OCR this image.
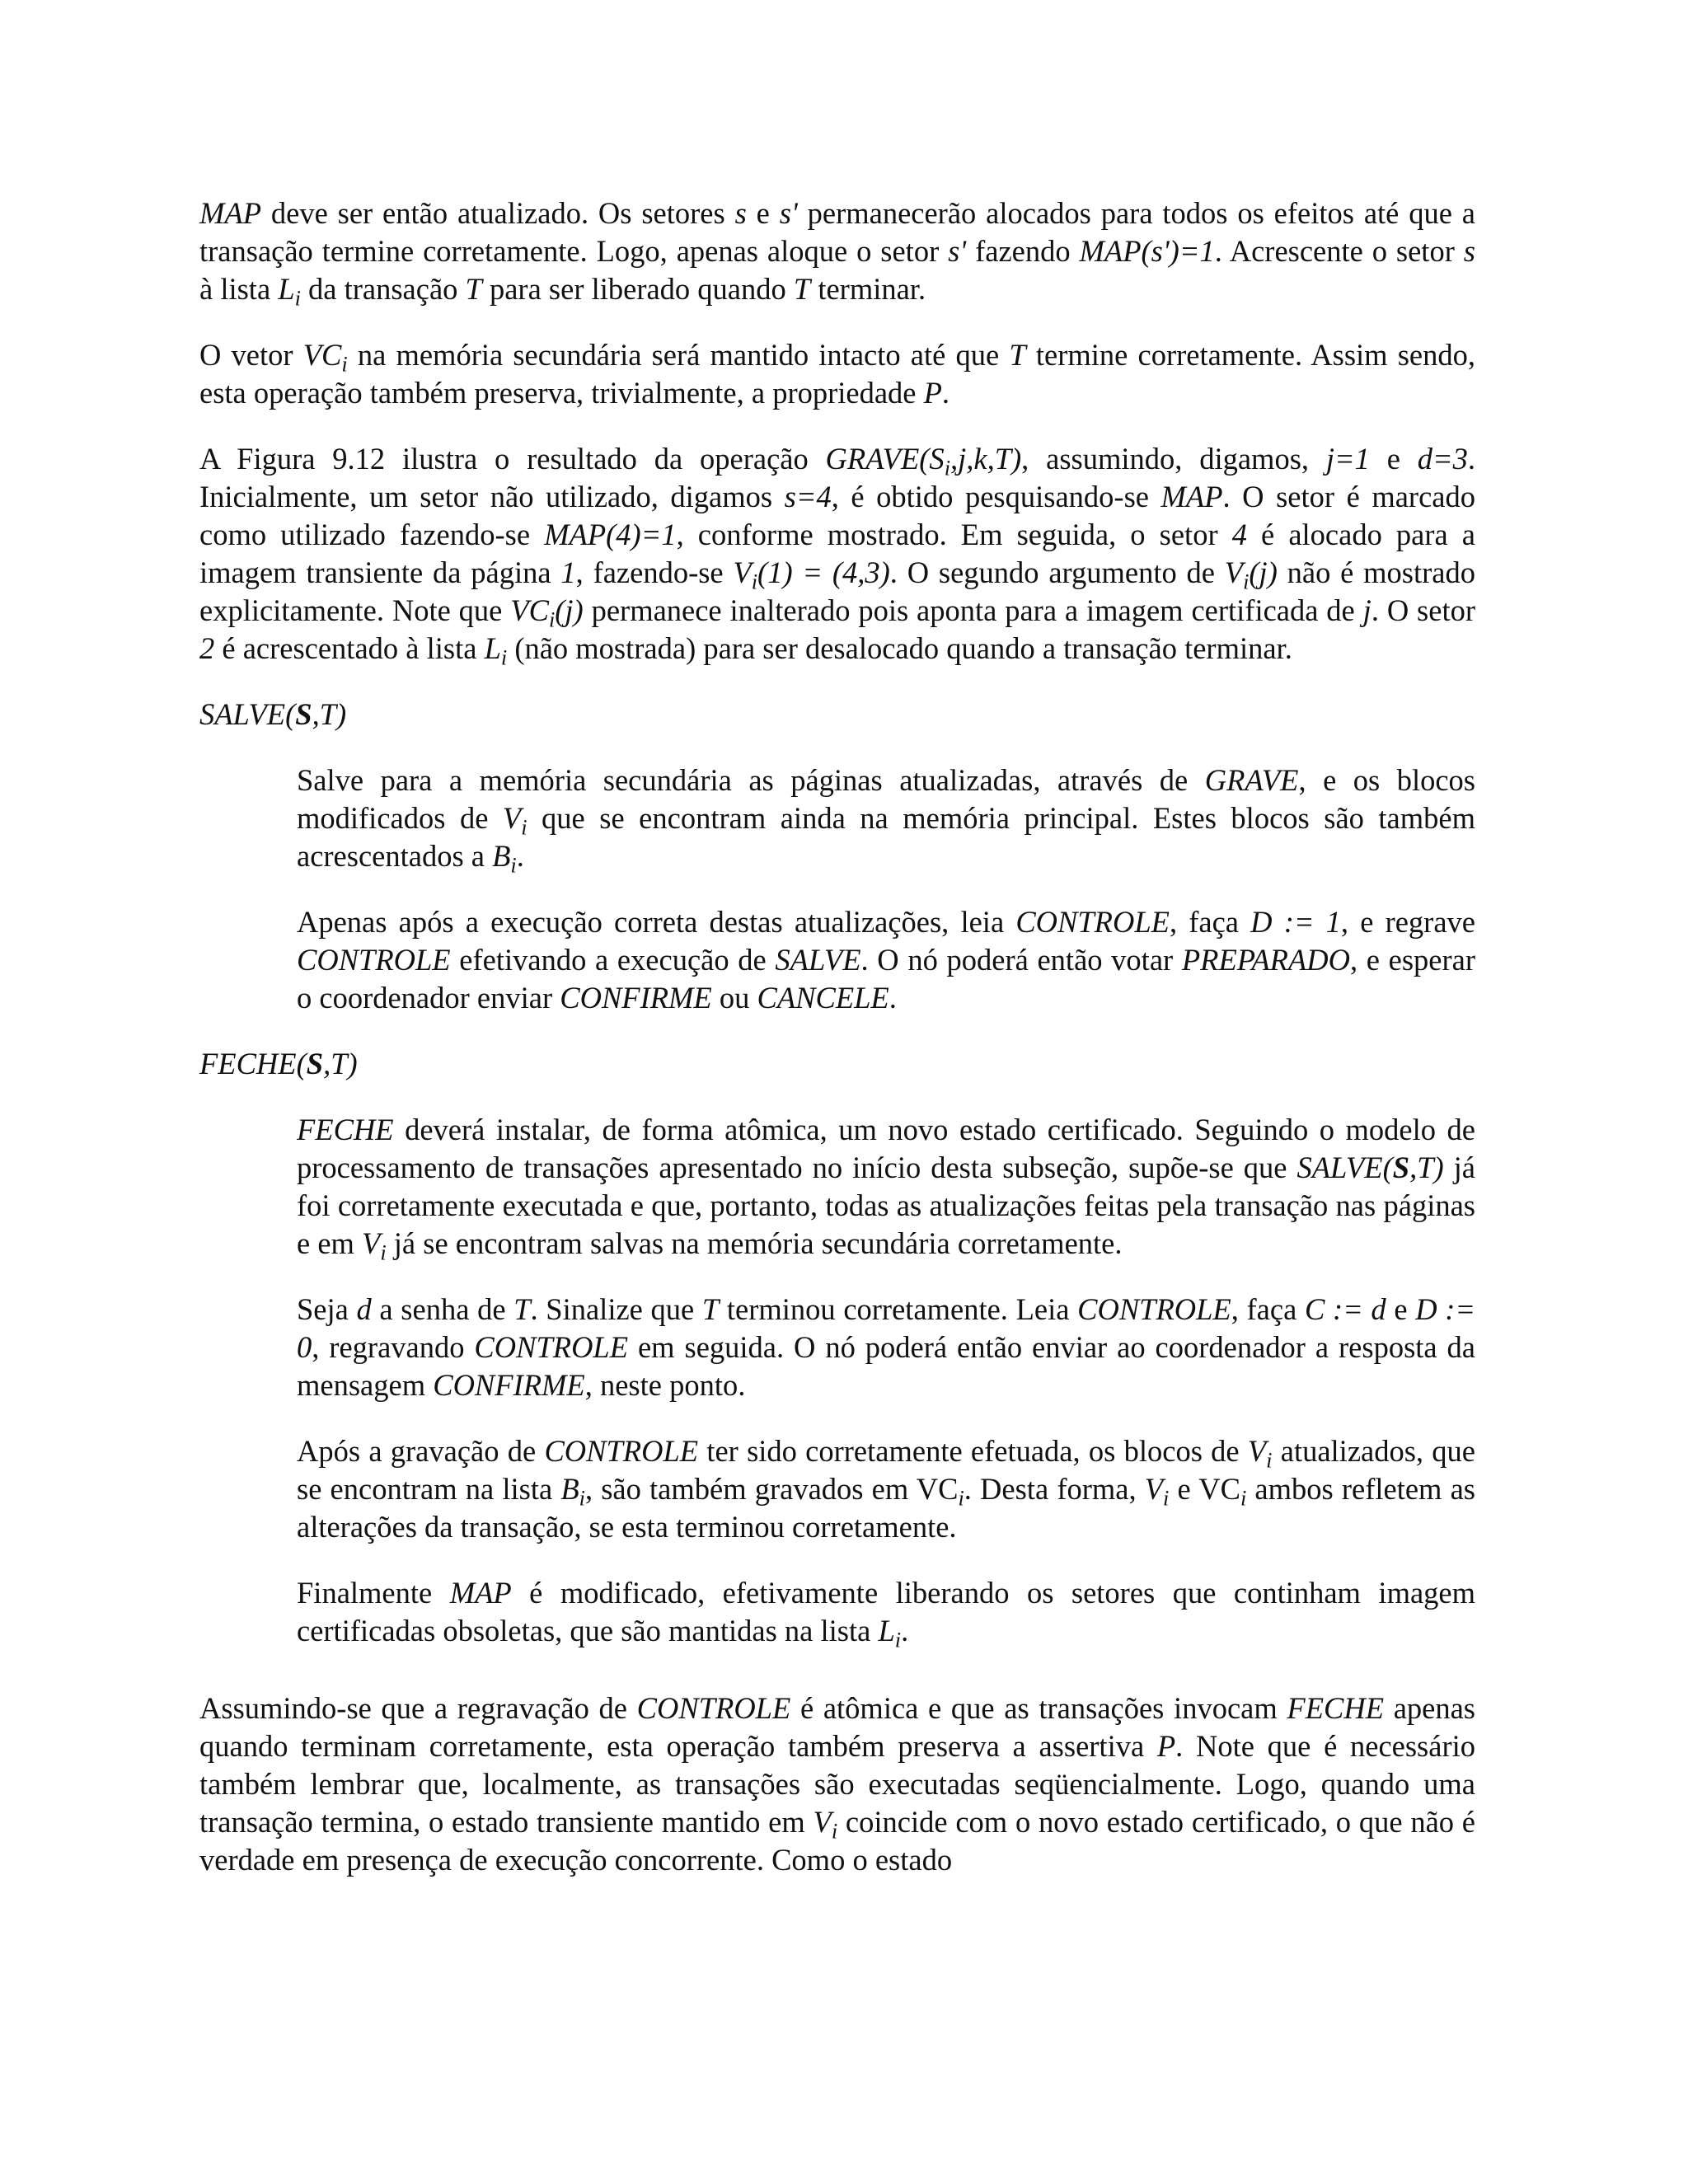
MAP deve ser então atualizado. Os setores s e s' permanecerão alocados para todos os efeitos até que a transação termine corretamente. Logo, apenas aloque o setor s' fazendo MAP(s')=1. Acrescente o setor s à lista $L_i$ da transação T para ser liberado quando T terminar.

O vetor $VC_i$ na memória secundária será mantido intacto até que T termine corretamente. Assim sendo, esta operação também preserva, trivialmente, a propriedade P.

A Figura 9.12 ilustra o resultado da operação $GRAVE(S_i,j,k,T)$, assumindo, digamos, j=1 e d=3. Inicialmente, um setor não utilizado, digamos s=4, é obtido pesquisando-se MAP. O setor é marcado como utilizado fazendo-se MAP(4)=1, conforme mostrado. Em seguida, o setor 4 é alocado para a imagem transiente da página 1, fazendo-se $V_i(1) = (4,3)$. O segundo argumento de $V_i(j)$ não é mostrado explicitamente. Note que $VC_i(j)$ permanece inalterado pois aponta para a imagem certificada de j. O setor 2 é acrescentado à lista $L_i$ (não mostrada) para ser desalocado quando a transação terminar.

SALVE(S,T)

Salve para a memória secundária as páginas atualizadas, através de GRAVE, e os blocos modificados de $V_i$ que se encontram ainda na memória principal. Estes blocos são também acrescentados a $B_i$.

Apenas após a execução correta destas atualizações, leia CONTROLE, faça D := 1, e regrave CONTROLE efetivando a execução de SALVE. O nó poderá então votar PREPARADO, e esperar o coordenador enviar CONFIRME ou CANCELE.

FECHE(S,T)

FECHE deverá instalar, de forma atômica, um novo estado certificado. Seguindo o modelo de processamento de transações apresentado no início desta subseção, supõe-se que SALVE(S,T) já foi corretamente executada e que, portanto, todas as atualizações feitas pela transação nas páginas e em $V_i$ já se encontram salvas na memória secundária corretamente.

Seja d a senha de T. Sinalize que T terminou corretamente. Leia CONTROLE, faça C := d e D := 0, regravando CONTROLE em seguida. O nó poderá então enviar ao coordenador a resposta da mensagem CONFIRME, neste ponto.

Após a gravação de CONTROLE ter sido corretamente efetuada, os blocos de $V_i$ atualizados, que se encontram na lista $B_i$, são também gravados em $VC_i$. Desta forma, $V_i$ e $VC_i$ ambos refletem as alterações da transação, se esta terminou corretamente.

Finalmente MAP é modificado, efetivamente liberando os setores que continham imagem certificadas obsoletas, que são mantidas na lista $L_i$.

Assumindo-se que a regravação de CONTROLE é atômica e que as transações invocam FECHE apenas quando terminam corretamente, esta operação também preserva a assertiva P. Note que é necessário também lembrar que, localmente, as transações são executadas seqüencialmente. Logo, quando uma transação termina, o estado transiente mantido em $V_i$ coincide com o novo estado certificado, o que não é verdade em presença de execução concorrente. Como o estado
